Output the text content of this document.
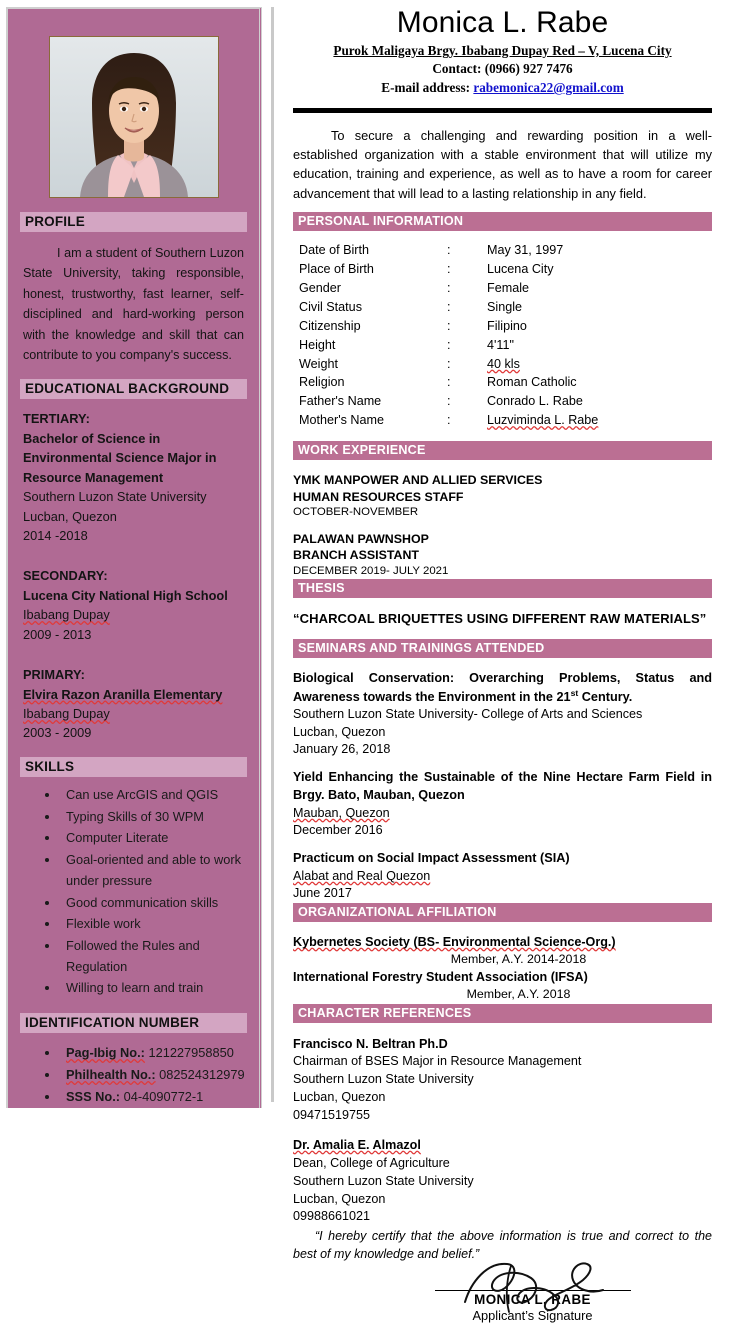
PROFILE

I am a student of Southern Luzon State University, taking responsible, honest, trustworthy, fast learner, self-disciplined and hard-working person with the knowledge and skill that can contribute to you company's success.

EDUCATIONAL BACKGROUND
TERTIARY:
Bachelor of Science in
Environmental Science Major in
Resource Management
Southern Luzon State University
Lucban, Quezon
2014 -2018
SECONDARY:
Lucena City National High School
Ibabang Dupay
2009 - 2013
PRIMARY:
Elvira Razon Aranilla Elementary
Ibabang Dupay
2003 - 2009
SKILLS
• Can use ArcGIS and QGIS
• Typing Skills of 30 WPM
• Computer Literate
• Goal-oriented and able to work under pressure
• Good communication skills
• Flexible work
• Followed the Rules and Regulation
• Willing to learn and train
IDENTIFICATION NUMBER
• Pag-Ibig No.: 121227958850
• Philhealth No.: 082524312979
• SSS No.: 04-4090772-1
Monica L. Rabe
Purok Maligaya Brgy. Ibabang Dupay Red – V, Lucena City
Contact: (0966) 927 7476
E-mail address: rabemonica22@gmail.com

To secure a challenging and rewarding position in a well-established organization with a stable environment that will utilize my education, training and experience, as well as to have a room for career advancement that will lead to a lasting relationship in any field.

PERSONAL INFORMATION
Date of Birth	:	May 31, 1997
Place of Birth	:	Lucena City
Gender	:	Female
Civil Status	:	Single
Citizenship	:	Filipino
Height	:	4'11"
Weight	:	40 kls
Religion	:	Roman Catholic
Father's Name	:	Conrado L. Rabe
Mother's Name	:	Luzviminda L. Rabe
WORK EXPERIENCE
YMK MANPOWER AND ALLIED SERVICES
HUMAN RESOURCES STAFF
OCTOBER-NOVEMBER
PALAWAN PAWNSHOP
BRANCH ASSISTANT
DECEMBER 2019- JULY 2021
THESIS
“CHARCOAL BRIQUETTES USING DIFFERENT RAW MATERIALS”
SEMINARS AND TRAININGS ATTENDED
Biological Conservation: Overarching Problems, Status and Awareness towards the Environment in the 21st Century.
Southern Luzon State University- College of Arts and Sciences
Lucban, Quezon
January 26, 2018
Yield Enhancing the Sustainable of the Nine Hectare Farm Field in Brgy. Bato, Mauban, Quezon
Mauban, Quezon
December 2016
Practicum on Social Impact Assessment (SIA)
Alabat and Real Quezon
June 2017
ORGANIZATIONAL AFFILIATION
Kybernetes Society (BS- Environmental Science-Org.)
Member, A.Y. 2014-2018
International Forestry Student Association (IFSA)
Member, A.Y. 2018
CHARACTER REFERENCES
Francisco N. Beltran Ph.D
Chairman of BSES Major in Resource Management
Southern Luzon State University
Lucban, Quezon
09471519755
Dr. Amalia E. Almazol
Dean, College of Agriculture
Southern Luzon State University
Lucban, Quezon
09988661021
“I hereby certify that the above information is true and correct to the best of my knowledge and belief.”
MONICA L. RABE
Applicant’s Signature
